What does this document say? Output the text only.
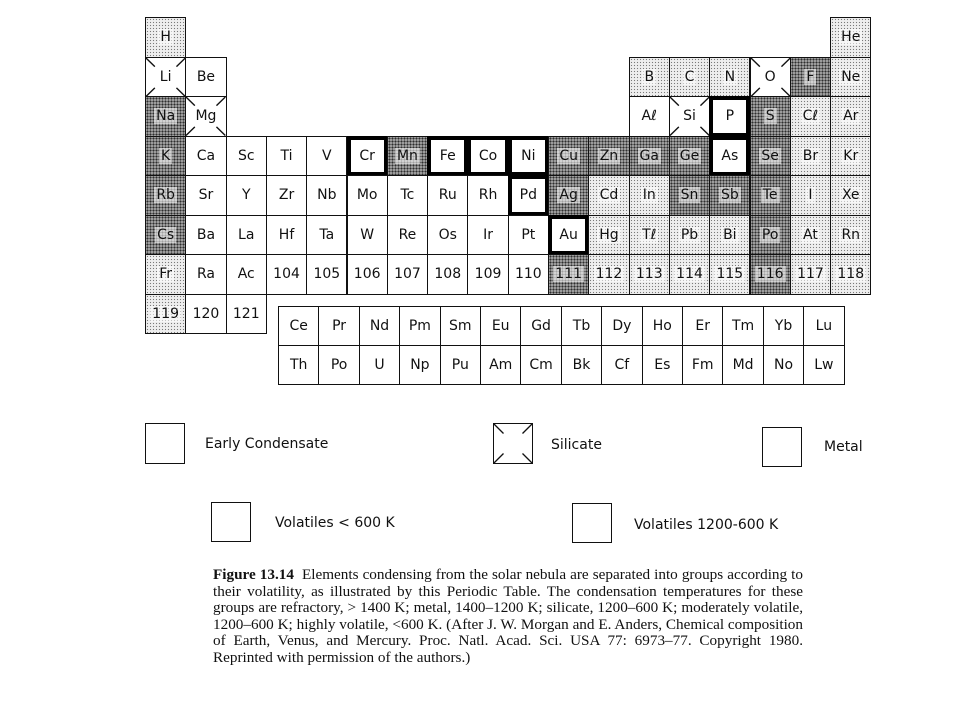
H	He
Li Be	B C N O F Ne
Na Mg	Aℓ Si P S Cℓ Ar
K Ca Sc Ti V Cr Mn Fe Co Ni Cu Zn Ga Ge As Se Br Kr
Rb Sr Y Zr Nb Mo Tc Ru Rh Pd Ag Cd In Sn Sb Te I Xe
Cs Ba La Hf Ta W Re Os Ir Pt Au Hg Tℓ Pb Bi Po At Rn
Fr Ra Ac 104 105 106 107 108 109 110 111 112 113 114 115 116 117 118
119 120 121
Ce Pr Nd Pm Sm Eu Gd Tb Dy Ho Er Tm Yb Lu
Th Po U Np Pu Am Cm Bk Cf Es Fm Md No Lw
Early Condensate	Silicate	Metal
Volatiles < 600 K	Volatiles 1200-600 K
Figure 13.14 Elements condensing from the solar nebula are separated into groups according to their volatility, as illustrated by this Periodic Table. The condensation temperatures for these groups are refractory, > 1400 K; metal, 1400–1200 K; silicate, 1200–600 K; moderately volatile, 1200–600 K; highly volatile, <600 K. (After J. W. Morgan and E. Anders, Chemical composition of Earth, Venus, and Mercury. Proc. Natl. Acad. Sci. USA 77: 6973–77. Copyright 1980. Reprinted with permission of the authors.)
